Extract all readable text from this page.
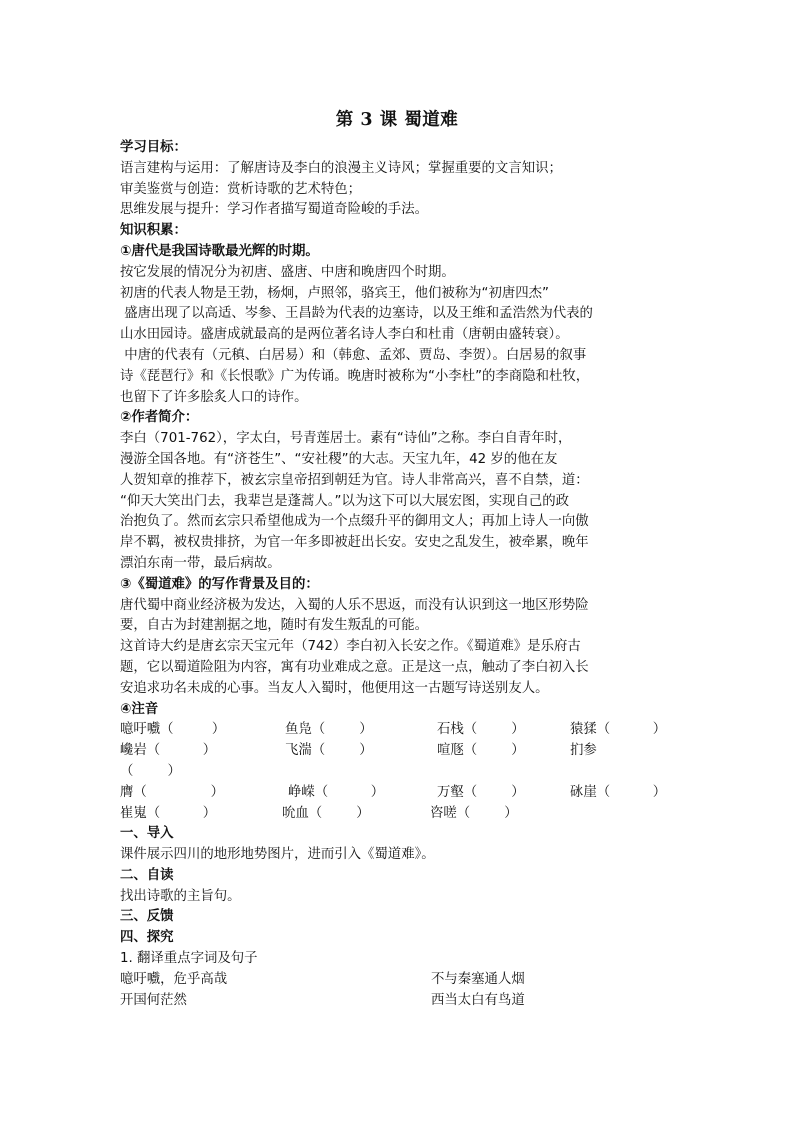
第 3 课 蜀道难
学习目标：
语言建构与运用：了解唐诗及李白的浪漫主义诗风；掌握重要的文言知识；
审美鉴赏与创造：赏析诗歌的艺术特色；
思维发展与提升：学习作者描写蜀道奇险峻的手法。
知识积累：
①唐代是我国诗歌最光辉的时期。
按它发展的情况分为初唐、盛唐、中唐和晚唐四个时期。
初唐的代表人物是王勃，杨炯，卢照邻，骆宾王，他们被称为“初唐四杰”
盛唐出现了以高适、岑参、王昌龄为代表的边塞诗，以及王维和孟浩然为代表的
山水田园诗。盛唐成就最高的是两位著名诗人李白和杜甫（唐朝由盛转衰）。
中唐的代表有（元稹、白居易）和（韩愈、孟郊、贾岛、李贺）。白居易的叙事
诗《琵琶行》和《长恨歌》广为传诵。晚唐时被称为“小李杜”的李商隐和杜牧，
也留下了许多脍炙人口的诗作。
②作者简介：
李白（701-762），字太白，号青莲居士。素有“诗仙”之称。李白自青年时，
漫游全国各地。有“济苍生”、“安社稷”的大志。天宝九年，42 岁的他在友
人贺知章的推荐下，被玄宗皇帝招到朝廷为官。诗人非常高兴，喜不自禁，道：
“仰天大笑出门去，我辈岂是蓬蒿人。”以为这下可以大展宏图，实现自己的政
治抱负了。然而玄宗只希望他成为一个点缀升平的御用文人；再加上诗人一向傲
岸不羁，被权贵排挤，为官一年多即被赶出长安。安史之乱发生，被牵累，晚年
漂泊东南一带，最后病故。
③《蜀道难》的写作背景及目的：
唐代蜀中商业经济极为发达，入蜀的人乐不思返，而没有认识到这一地区形势险
要，自古为封建割据之地，随时有发生叛乱的可能。
这首诗大约是唐玄宗天宝元年（742）李白初入长安之作。《蜀道难》是乐府古
题，它以蜀道险阻为内容，寓有功业难成之意。正是这一点，触动了李白初入长
安追求功名未成的心事。当友人入蜀时，他便用这一古题写诗送别友人。
④注音
噫吁嚱（         ）	鱼凫（        ）	石栈（        ）	猿猱（          ）
巉岩（          ）	飞湍（        ）	喧豗（        ）	扪参
（        ）
膺（               ）	峥嵘（          ）	万壑（        ）	砯崖（          ）
崔嵬（          ）	吮血（        ）	咨嗟（        ）
一、导入
课件展示四川的地形地势图片，进而引入《蜀道难》。
二、自读
找出诗歌的主旨句。
三、反馈
四、探究
1. 翻译重点字词及句子
噫吁嚱，危乎高哉	不与秦塞通人烟
开国何茫然	西当太白有鸟道
